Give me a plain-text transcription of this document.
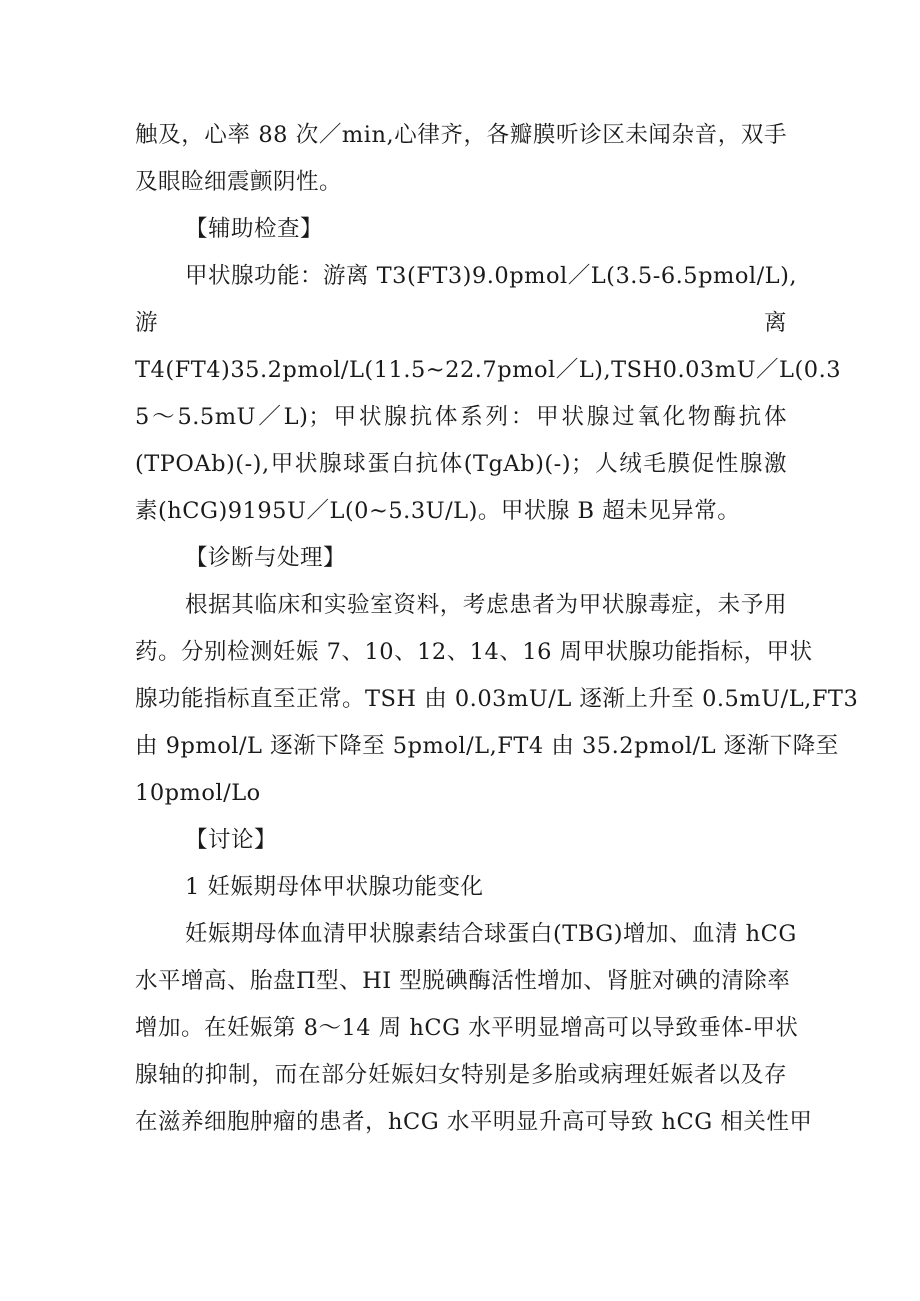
触及，心率 88 次／min,心律齐，各瓣膜听诊区未闻杂音，双手
及眼睑细震颤阴性。
【辅助检查】
甲状腺功能：游离 T3(FT3)9.0pmol／L(3.5-6.5pmol/L),
游	离
T4(FT4)35.2pmol/L(11.5~22.7pmol／L),TSH0.03mU／L(0.3
5～5.5mU／L)；甲状腺抗体系列：甲状腺过氧化物酶抗体
(TPOAb)(-),甲状腺球蛋白抗体(TgAb)(-)；人绒毛膜促性腺激
素(hCG)9195U／L(0~5.3U/L)。甲状腺 B 超未见异常。
【诊断与处理】
根据其临床和实验室资料，考虑患者为甲状腺毒症，未予用
药。分别检测妊娠 7、10、12、14、16 周甲状腺功能指标，甲状
腺功能指标直至正常。TSH 由 0.03mU/L 逐渐上升至 0.5mU/L,FT3
由 9pmol/L 逐渐下降至 5pmol/L,FT4 由 35.2pmol/L 逐渐下降至
10pmol/Lo
【讨论】
1 妊娠期母体甲状腺功能变化
妊娠期母体血清甲状腺素结合球蛋白(TBG)增加、血清 hCG
水平增高、胎盘Π型、HI 型脱碘酶活性增加、肾脏对碘的清除率
增加。在妊娠第 8～14 周 hCG 水平明显增高可以导致垂体-甲状
腺轴的抑制，而在部分妊娠妇女特别是多胎或病理妊娠者以及存
在滋养细胞肿瘤的患者，hCG 水平明显升高可导致 hCG 相关性甲
